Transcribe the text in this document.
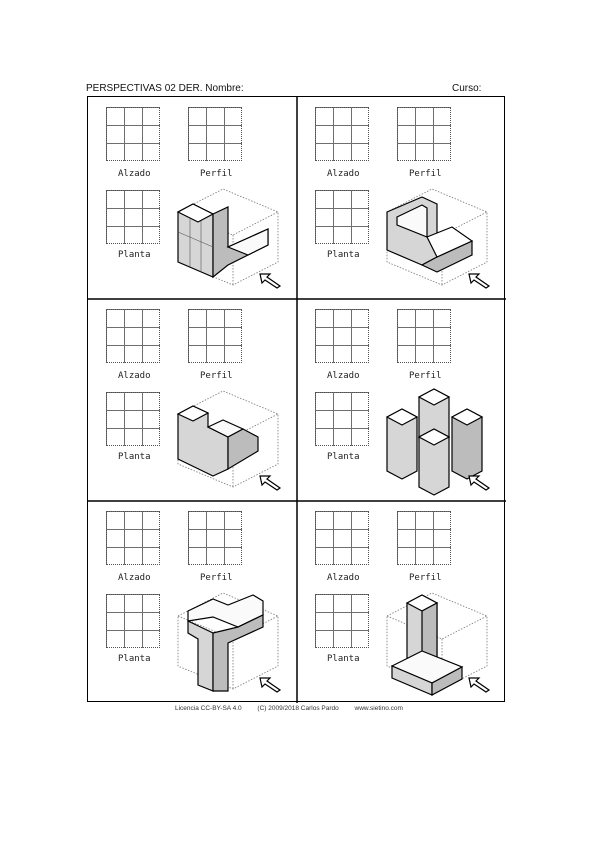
PERSPECTIVAS 02 DER. Nombre:	Curso:
Alzado	Perfil
Planta
Alzado	Perfil
Planta
Alzado	Perfil
Planta
Alzado	Perfil
Planta
Alzado	Perfil
Planta
Alzado	Perfil
Planta
Licencia CC-BY-SA 4.0 (C) 2009/2018 Carlos Pardo www.sietino.com
